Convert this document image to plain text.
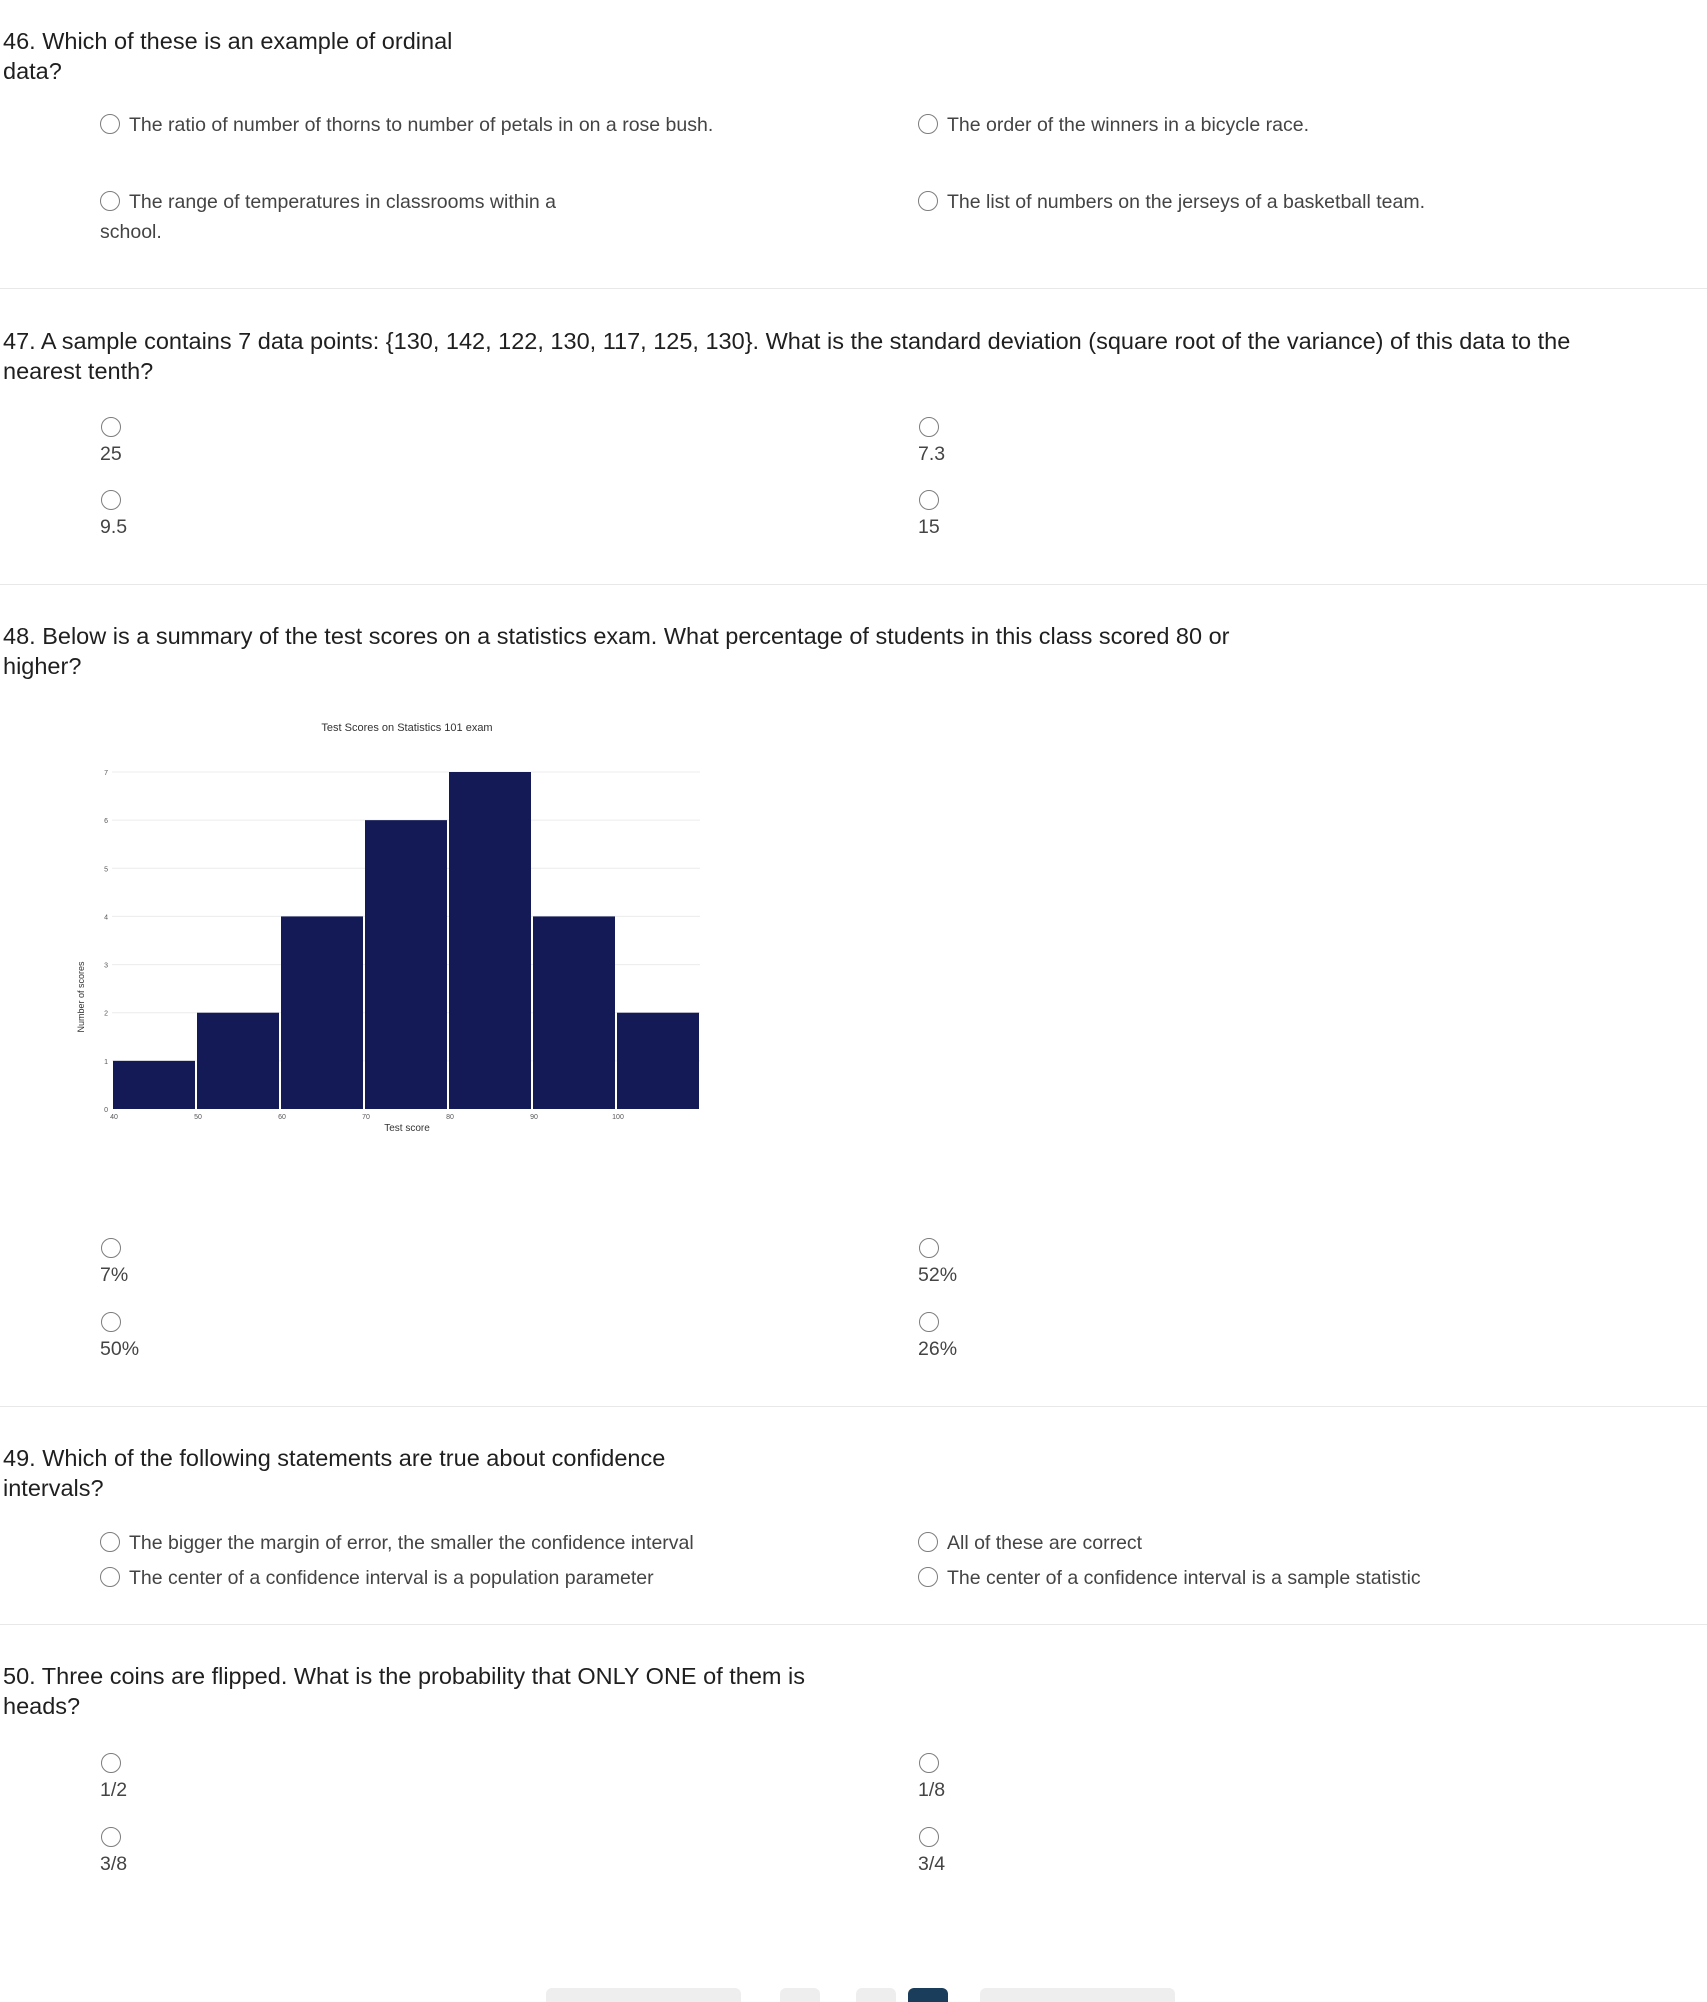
46. Which of these is an example of ordinal data?
The ratio of number of thorns to number of petals in on a rose bush.	The order of the winners in a bicycle race.
The range of temperatures in classrooms within a school.
The list of numbers on the jerseys of a basketball team.
47. A sample contains 7 data points: {130, 142, 122, 130, 117, 125, 130}. What is the standard deviation (square root of the variance) of this data to the nearest tenth?
25	7.3
9.5	15
48. Below is a summary of the test scores on a statistics exam. What percentage of students in this class scored 80 or higher?
0
1
2
3
4
5
6
7
40	50	60	70	80	90	100
Test Scores on Statistics 101 exam
Test score
Number of scores
7%	52%
50%	26%
49. Which of the following statements are true about confidence intervals?
The bigger the margin of error, the smaller the confidence interval	All of these are correct
The center of a confidence interval is a population parameter	The center of a confidence interval is a sample statistic
50. Three coins are flipped. What is the probability that ONLY ONE of them is heads?
1/2	1/8
3/8	3/4
